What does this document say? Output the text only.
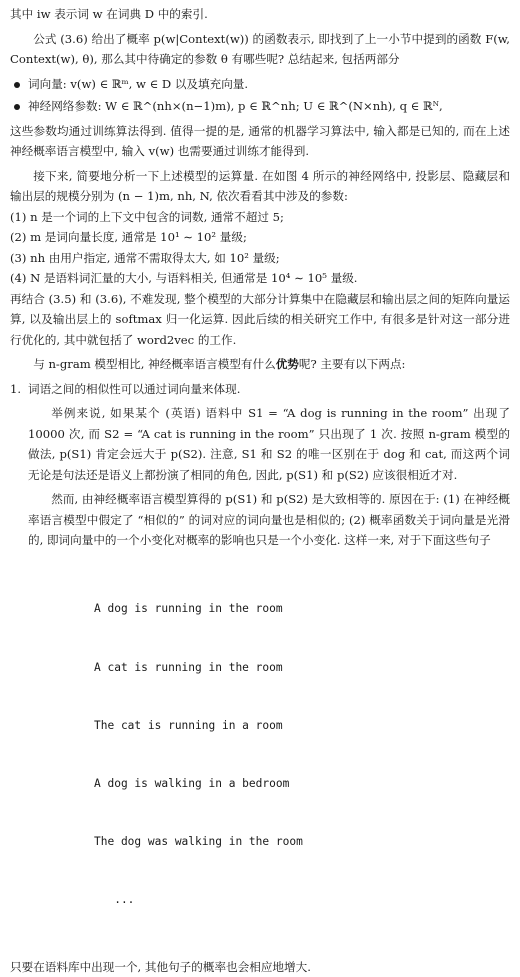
其中 iw 表示词 w 在词典 D 中的索引.

公式 (3.6) 给出了概率 p(w|Context(w)) 的函数表示, 即找到了上一小节中提到的函数 F(w, Context(w), θ), 那么其中待确定的参数 θ 有哪些呢? 总结起来, 包括两部分

词向量: v(w) ∈ ℝᵐ, w ∈ D 以及填充向量.
神经网络参数: W ∈ ℝ^(nh×(n−1)m), p ∈ ℝ^nh; U ∈ ℝ^(N×nh), q ∈ ℝᴺ,

这些参数均通过训练算法得到. 值得一提的是, 通常的机器学习算法中, 输入都是已知的, 而在上述神经概率语言模型中, 输入 v(w) 也需要通过训练才能得到.

接下来, 简要地分析一下上述模型的运算量. 在如图 4 所示的神经网络中, 投影层、隐藏层和输出层的规模分别为 (n − 1)m, nh, N, 依次看看其中涉及的参数:

(1) n 是一个词的上下文中包含的词数, 通常不超过 5;
(2) m 是词向量长度, 通常是 10¹ ∼ 10² 量级;
(3) nh 由用户指定, 通常不需取得太大, 如 10² 量级;
(4) N 是语料词汇量的大小, 与语料相关, 但通常是 10⁴ ∼ 10⁵ 量级.

再结合 (3.5) 和 (3.6), 不难发现, 整个模型的大部分计算集中在隐藏层和输出层之间的矩阵向量运算, 以及输出层上的 softmax 归一化运算. 因此后续的相关研究工作中, 有很多是针对这一部分进行优化的, 其中就包括了 word2vec 的工作.

与 n-gram 模型相比, 神经概率语言模型有什么优势呢? 主要有以下两点:

1. 词语之间的相似性可以通过词向量来体现.

举例来说, 如果某个 (英语) 语料中 S1 = “A dog is running in the room” 出现了 10000 次, 而 S2 = “A cat is running in the room” 只出现了 1 次. 按照 n-gram 模型的做法, p(S1) 肯定会远大于 p(S2). 注意, S1 和 S2 的唯一区别在于 dog 和 cat, 而这两个词无论是句法还是语义上都扮演了相同的角色, 因此, p(S1) 和 p(S2) 应该很相近才对.

然而, 由神经概率语言模型算得的 p(S1) 和 p(S2) 是大致相等的. 原因在于: (1) 在神经概率语言模型中假定了 “相似的” 的词对应的词向量也是相似的; (2) 概率函数关于词向量是光滑的, 即词向量中的一个小变化对概率的影响也只是一个小变化. 这样一来, 对于下面这些句子

A dog is running in the room

A cat is running in the room

The cat is running in a room

A dog is walking in a bedroom

The dog was walking in the room

...

只要在语料库中出现一个, 其他句子的概率也会相应地增大.
